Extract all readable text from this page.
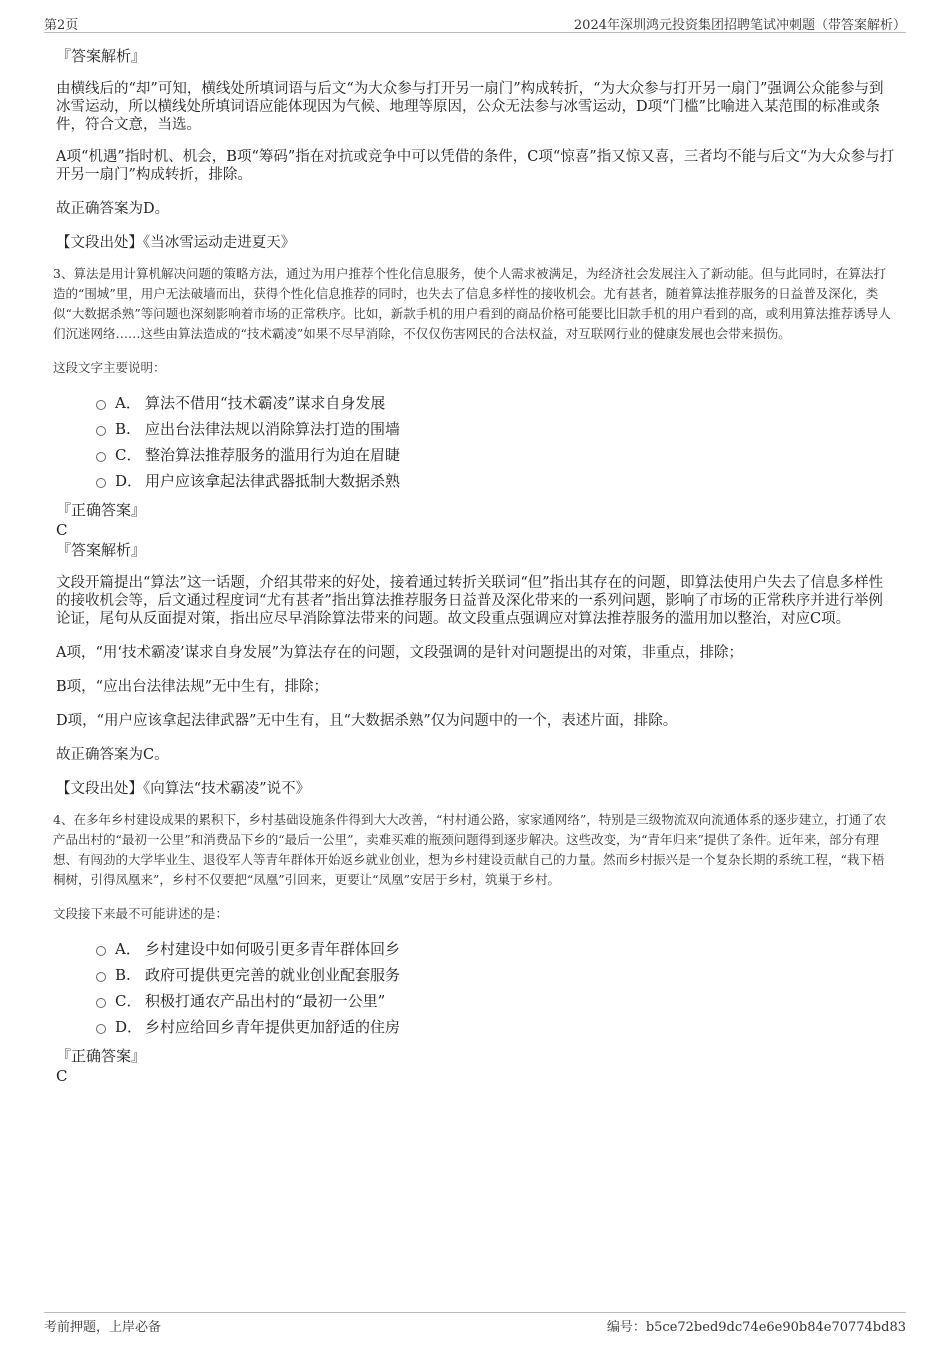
第2页	2024年深圳鸿元投资集团招聘笔试冲刺题（带答案解析）

『答案解析』

由横线后的“却”可知，横线处所填词语与后文“为大众参与打开另一扇门”构成转折，“为大众参与打开另一扇门”强调公众能参与到冰雪运动，所以横线处所填词语应能体现因为气候、地理等原因，公众无法参与冰雪运动，D项“门槛”比喻进入某范围的标准或条件，符合文意，当选。

A项“机遇”指时机、机会，B项“筹码”指在对抗或竞争中可以凭借的条件，C项“惊喜”指又惊又喜，三者均不能与后文“为大众参与打开另一扇门”构成转折，排除。

故正确答案为D。

【文段出处】《当冰雪运动走进夏天》

3、算法是用计算机解决问题的策略方法，通过为用户推荐个性化信息服务，使个人需求被满足，为经济社会发展注入了新动能。但与此同时，在算法打造的“围城”里，用户无法破墙而出，获得个性化信息推荐的同时，也失去了信息多样性的接收机会。尤有甚者，随着算法推荐服务的日益普及深化，类似“大数据杀熟”等问题也深刻影响着市场的正常秩序。比如，新款手机的用户看到的商品价格可能要比旧款手机的用户看到的高，或利用算法推荐诱导人们沉迷网络……这些由算法造成的“技术霸凌”如果不尽早消除，不仅仅伤害网民的合法权益，对互联网行业的健康发展也会带来损伤。

这段文字主要说明：

A． 算法不借用“技术霸凌”谋求自身发展
B. 应出台法律法规以消除算法打造的围墙
C． 整治算法推荐服务的滥用行为迫在眉睫
D． 用户应该拿起法律武器抵制大数据杀熟

『正确答案』

C

『答案解析』

文段开篇提出“算法”这一话题，介绍其带来的好处，接着通过转折关联词“但”指出其存在的问题，即算法使用户失去了信息多样性的接收机会等，后文通过程度词“尤有甚者”指出算法推荐服务日益普及深化带来的一系列问题，影响了市场的正常秩序并进行举例论证，尾句从反面提对策，指出应尽早消除算法带来的问题。故文段重点强调应对算法推荐服务的滥用加以整治，对应C项。

A项，“用‘技术霸凌’谋求自身发展”为算法存在的问题，文段强调的是针对问题提出的对策，非重点，排除；

B项，“应出台法律法规”无中生有，排除；

D项，“用户应该拿起法律武器”无中生有，且“大数据杀熟”仅为问题中的一个，表述片面，排除。

故正确答案为C。

【文段出处】《向算法“技术霸凌”说不》

4、在多年乡村建设成果的累积下，乡村基础设施条件得到大大改善，“村村通公路，家家通网络”，特别是三级物流双向流通体系的逐步建立，打通了农产品出村的“最初一公里”和消费品下乡的“最后一公里”，卖难买难的瓶颈问题得到逐步解决。这些改变，为“青年归来”提供了条件。近年来，部分有理想、有闯劲的大学毕业生、退役军人等青年群体开始返乡就业创业，想为乡村建设贡献自己的力量。然而乡村振兴是一个复杂长期的系统工程，“栽下梧桐树，引得凤凰来”，乡村不仅要把“凤凰”引回来，更要让“凤凰”安居于乡村，筑巢于乡村。

文段接下来最不可能讲述的是：

A． 乡村建设中如何吸引更多青年群体回乡
B. 政府可提供更完善的就业创业配套服务
C． 积极打通农产品出村的“最初一公里”
D． 乡村应给回乡青年提供更加舒适的住房

『正确答案』

C

考前押题，上岸必备	编号：b5ce72bed9dc74e6e90b84e70774bd83
